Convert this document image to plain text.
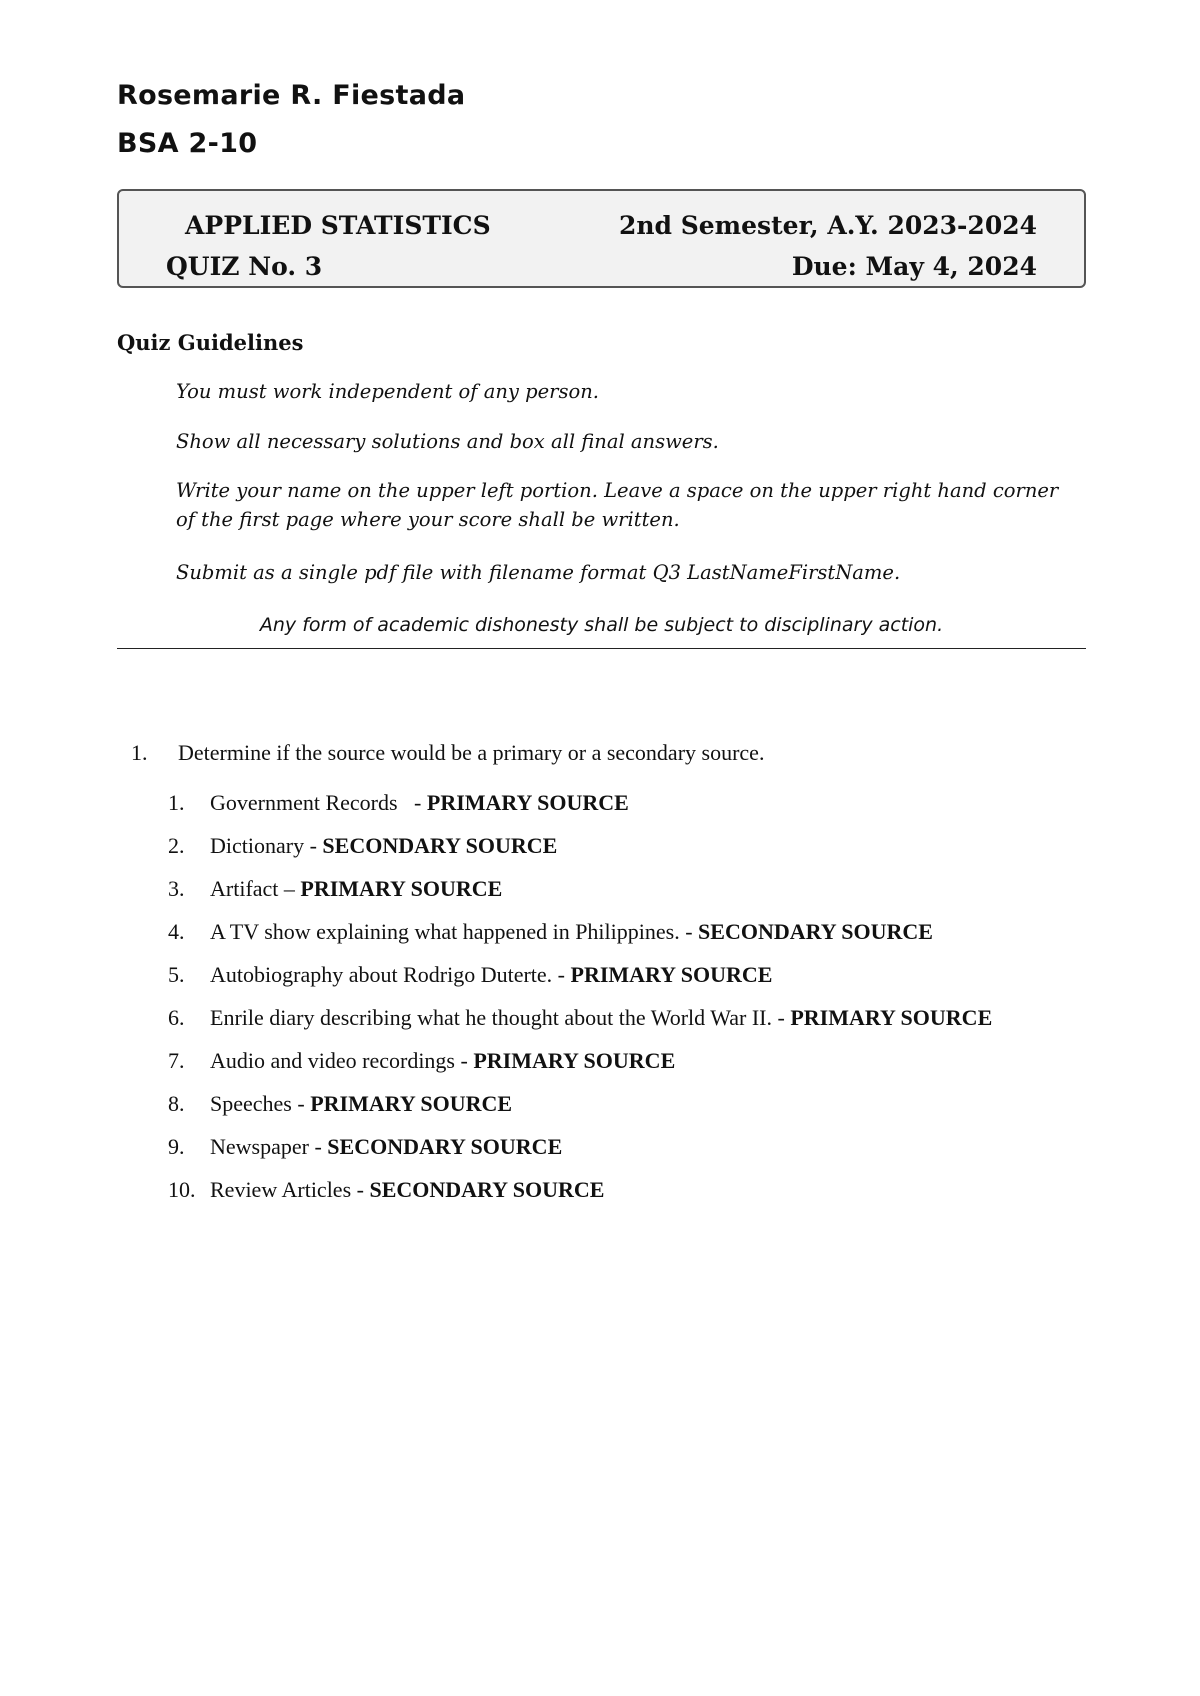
Rosemarie R. Fiestada
BSA 2-10
APPLIED STATISTICS	2nd Semester, A.Y. 2023-2024
QUIZ No. 3	Due: May 4, 2024
Quiz Guidelines
You must work independent of any person.
Show all necessary solutions and box all final answers.
Write your name on the upper left portion. Leave a space on the upper right hand corner of the first page where your score shall be written.
Submit as a single pdf file with filename format Q3 LastNameFirstName.
Any form of academic dishonesty shall be subject to disciplinary action.
1. Determine if the source would be a primary or a secondary source.
1. Government Records   - PRIMARY SOURCE
2. Dictionary - SECONDARY SOURCE
3. Artifact – PRIMARY SOURCE
4. A TV show explaining what happened in Philippines. - SECONDARY SOURCE
5. Autobiography about Rodrigo Duterte. - PRIMARY SOURCE
6. Enrile diary describing what he thought about the World War II. - PRIMARY SOURCE
7. Audio and video recordings - PRIMARY SOURCE
8. Speeches - PRIMARY SOURCE
9. Newspaper - SECONDARY SOURCE
10. Review Articles - SECONDARY SOURCE
